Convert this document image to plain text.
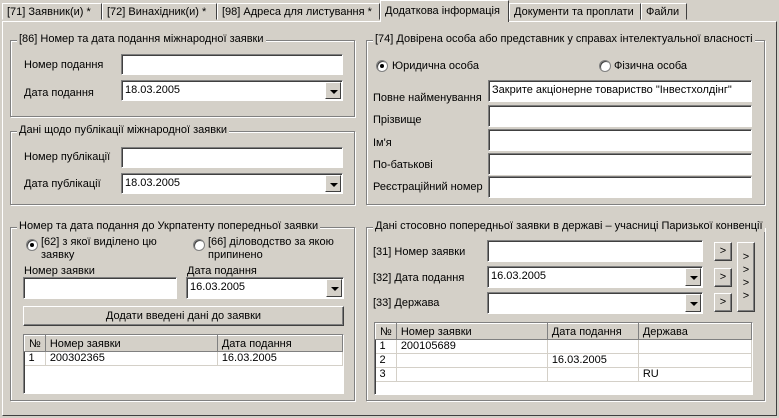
[71] Заявник(и) *	[72] Винахідник(и) *	[98] Адреса для листування *	Додаткова інформація	Документи та проплати	Файли
[86] Номер та дата подання міжнародної заявки
Номер подання
Дата подання	18.03.2005
Дані щодо публікації міжнародної заявки
Номер публікації
Дата публікації	18.03.2005
Номер та дата подання до Укрпатенту попередньої заявки
[62] з якої виділено цю
заявку
[66] діловодство за якою
припинено
Номер заявки	Дата подання
16.03.2005
Додати введені дані до заявки
№	Номер заявки	Дата подання
1	200302365	16.03.2005
[74] Довірена особа або представник у справах інтелектуальної власності
Юридична особа	Фізична особа
Повне найменування
Закрите акціонерне товариство "Інвестхолдінг"
Прізвище
Ім'я
По-батькові
Реєстраційний номер
Дані стосовно попередньої заявки в державі – учасниці Паризької конвенції
[31] Номер заявки	>
[32] Дата подання	16.03.2005	>
[33] Держава	>
>
>
>
>
№	Номер заявки	Дата подання	Держава
1	200105689		
2		16.03.2005	
3			RU
